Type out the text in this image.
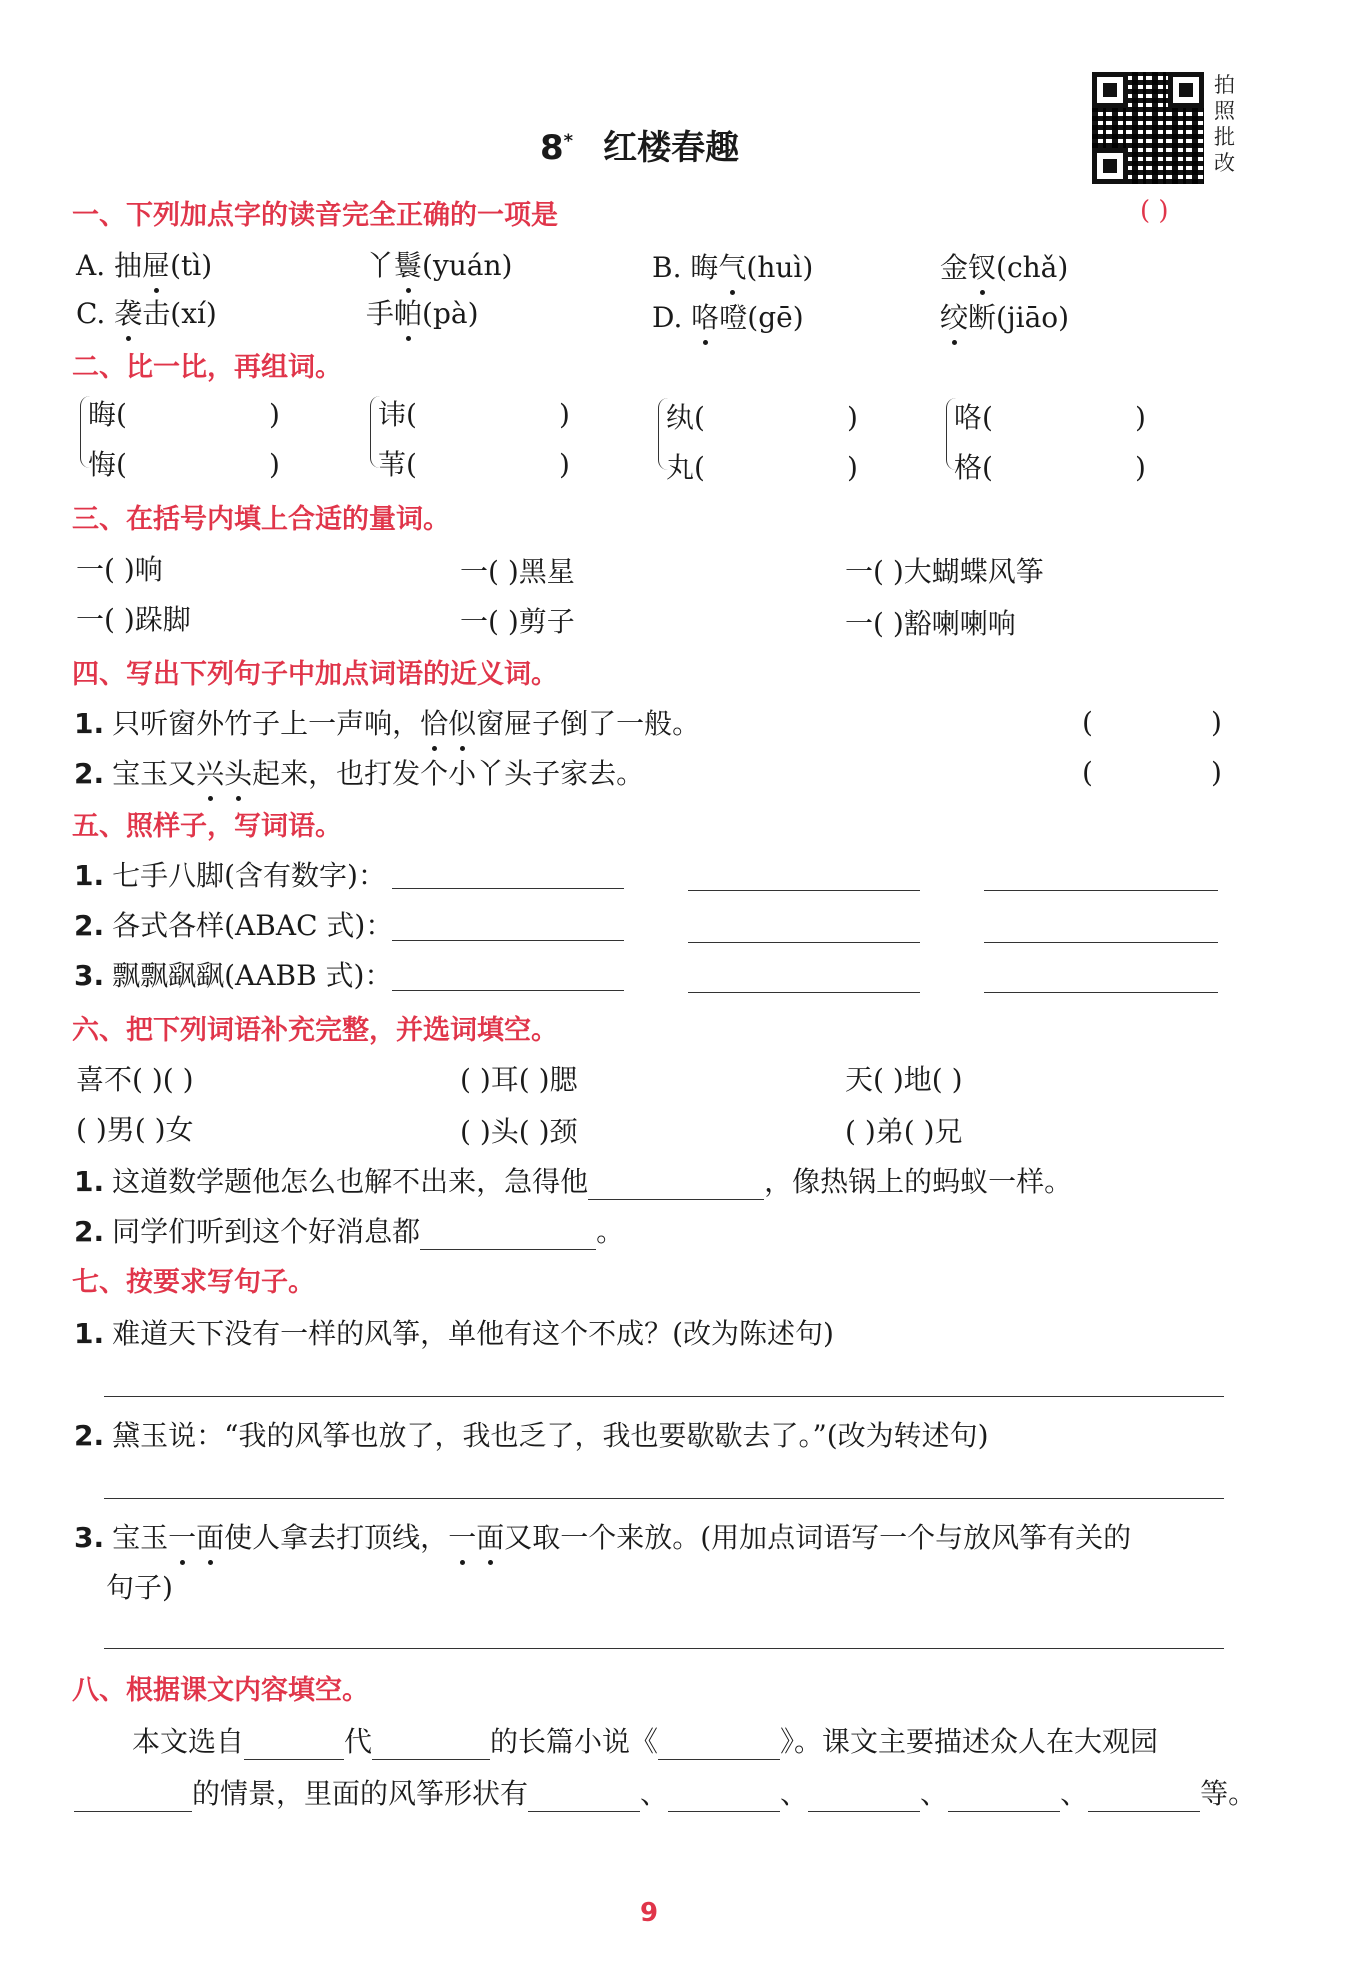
8* 红楼春趣
拍照批改
一、下列加点字的读音完全正确的一项是	( )
A. 抽屉(tì)	丫鬟(yuán)	B. 晦气(huì)	金钗(chǎ)
C. 袭击(xí)	手帕(pà)	D. 咯噔(gē)	绞断(jiāo)
二、比一比，再组词。
晦(	)
悔(	)
讳(	)
苇(	)
纨(	)
丸(	)
咯(	)
格(	)
三、在括号内填上合适的量词。
一( )响	一( )黑星	一( )大蝴蝶风筝
一( )跺脚	一( )剪子	一( )豁喇喇响
四、写出下列句子中加点词语的近义词。
1. 只听窗外竹子上一声响，恰似窗屉子倒了一般。	(	)
2. 宝玉又兴头起来，也打发个小丫头子家去。	(	)
五、照样子，写词语。
1. 七手八脚(含有数字)：
2. 各式各样(ABAC 式)：
3. 飘飘飖飖(AABB 式)：
六、把下列词语补充完整，并选词填空。
喜不( )( )	( )耳( )腮	天( )地( )
( )男( )女	( )头( )颈	( )弟( )兄
1. 这道数学题他怎么也解不出来，急得他	，像热锅上的蚂蚁一样。
2. 同学们听到这个好消息都	。
七、按要求写句子。
1. 难道天下没有一样的风筝，单他有这个不成？(改为陈述句)
2. 黛玉说：“我的风筝也放了，我也乏了，我也要歇歇去了。”(改为转述句)
3. 宝玉一面使人拿去打顶线，一面又取一个来放。(用加点词语写一个与放风筝有关的
句子)
八、根据课文内容填空。
本文选自	代	的长篇小说《	》。课文主要描述众人在大观园
的情景，里面的风筝形状有	、	、	、	、	等。
9
